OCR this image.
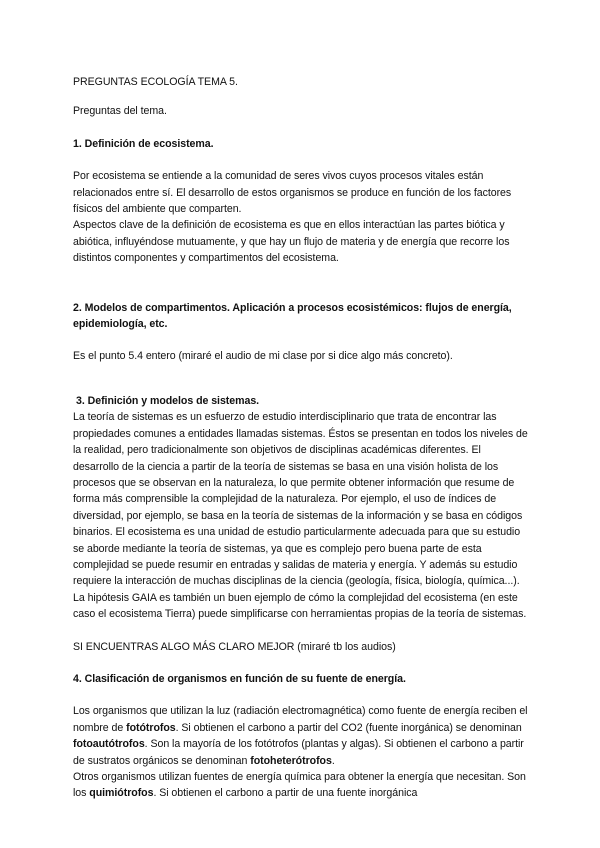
PREGUNTAS ECOLOGÍA TEMA 5.

Preguntas del tema.

1. Definición de ecosistema.

Por ecosistema se entiende a la comunidad de seres vivos cuyos procesos vitales están relacionados entre sí. El desarrollo de estos organismos se produce en función de los factores físicos del ambiente que comparten.

Aspectos clave de la definición de ecosistema es que en ellos interactúan las partes biótica y abiótica, influyéndose mutuamente, y que hay un flujo de materia y de energía que recorre los distintos componentes y compartimentos del ecosistema.

2. Modelos de compartimentos. Aplicación a procesos ecosistémicos: flujos de energía, epidemiología, etc.

Es el punto 5.4 entero (miraré el audio de mi clase por si dice algo más concreto).

3. Definición y modelos de sistemas.

La teoría de sistemas es un esfuerzo de estudio interdisciplinario que trata de encontrar las propiedades comunes a entidades llamadas sistemas. Éstos se presentan en todos los niveles de la realidad, pero tradicionalmente son objetivos de disciplinas académicas diferentes. El desarrollo de la ciencia a partir de la teoría de sistemas se basa en una visión holista de los procesos que se observan en la naturaleza, lo que permite obtener información que resume de forma más comprensible la complejidad de la naturaleza. Por ejemplo, el uso de índices de diversidad, por ejemplo, se basa en la teoría de sistemas de la información y se basa en códigos binarios. El ecosistema es una unidad de estudio particularmente adecuada para que su estudio se aborde mediante la teoría de sistemas, ya que es complejo pero buena parte de esta complejidad se puede resumir en entradas y salidas de materia y energía. Y además su estudio requiere la interacción de muchas disciplinas de la ciencia (geología, física, biología, química...). La hipótesis GAIA es también un buen ejemplo de cómo la complejidad del ecosistema (en este caso el ecosistema Tierra) puede simplificarse con herramientas propias de la teoría de sistemas.

SI ENCUENTRAS ALGO MÁS CLARO MEJOR (miraré tb los audios)

4. Clasificación de organismos en función de su fuente de energía.

Los organismos que utilizan la luz (radiación electromagnética) como fuente de energía reciben el nombre de fotótrofos. Si obtienen el carbono a partir del CO2 (fuente inorgánica) se denominan fotoautótrofos. Son la mayoría de los fotótrofos (plantas y algas). Si obtienen el carbono a partir de sustratos orgánicos se denominan fotoheterótrofos.

Otros organismos utilizan fuentes de energía química para obtener la energía que necesitan. Son los quimiótrofos. Si obtienen el carbono a partir de una fuente inorgánica
